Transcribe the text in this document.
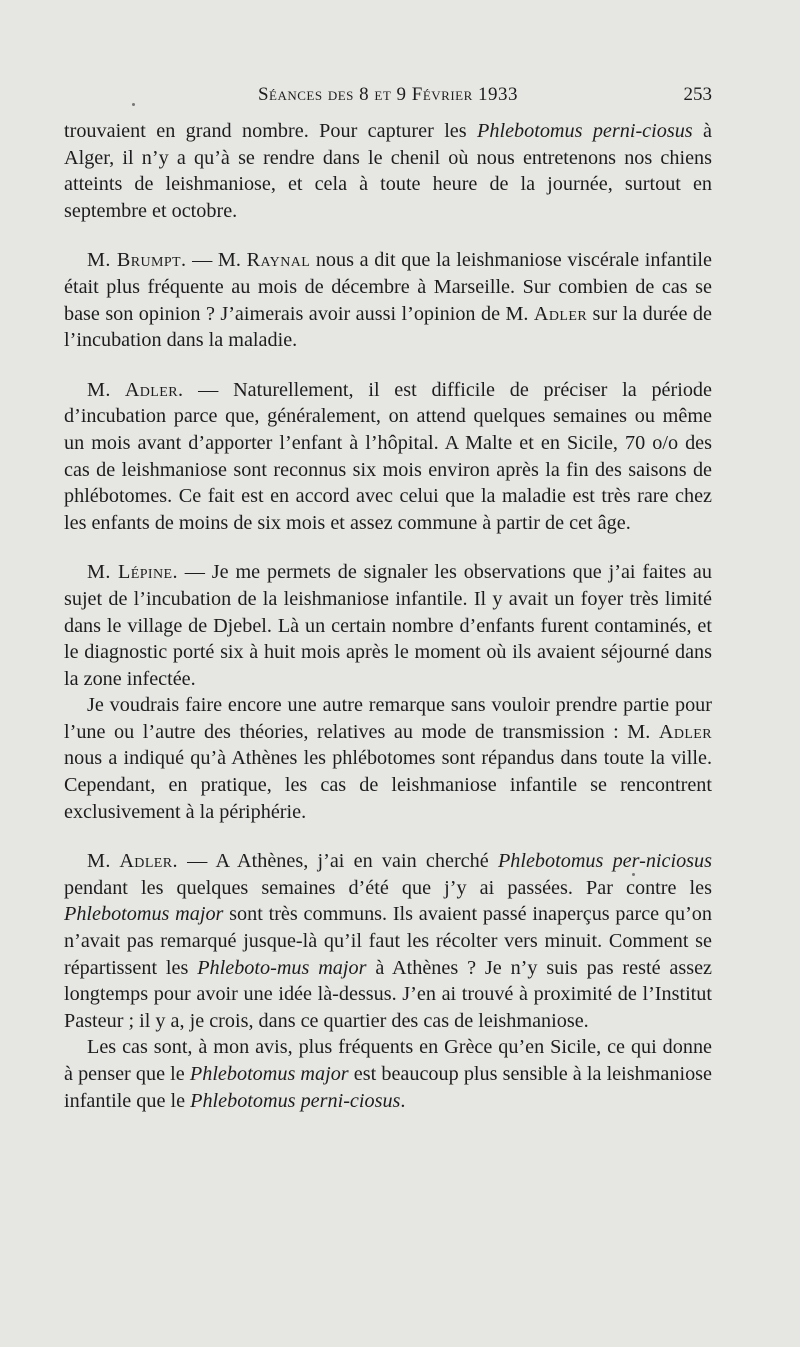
Séances des 8 et 9 Février 1933	253

trouvaient en grand nombre. Pour capturer les Phlebotomus perni-ciosus à Alger, il n’y a qu’à se rendre dans le chenil où nous entretenons nos chiens atteints de leishmaniose, et cela à toute heure de la journée, surtout en septembre et octobre.

M. Brumpt. — M. Raynal nous a dit que la leishmaniose viscérale infantile était plus fréquente au mois de décembre à Marseille. Sur combien de cas se base son opinion ? J’aimerais avoir aussi l’opinion de M. Adler sur la durée de l’incubation dans la maladie.

M. Adler. — Naturellement, il est difficile de préciser la période d’incubation parce que, généralement, on attend quelques semaines ou même un mois avant d’apporter l’enfant à l’hôpital. A Malte et en Sicile, 70 o/o des cas de leishmaniose sont reconnus six mois environ après la fin des saisons de phlébotomes. Ce fait est en accord avec celui que la maladie est très rare chez les enfants de moins de six mois et assez commune à partir de cet âge.

M. Lépine. — Je me permets de signaler les observations que j’ai faites au sujet de l’incubation de la leishmaniose infantile. Il y avait un foyer très limité dans le village de Djebel. Là un certain nombre d’enfants furent contaminés, et le diagnostic porté six à huit mois après le moment où ils avaient séjourné dans la zone infectée.

Je voudrais faire encore une autre remarque sans vouloir prendre partie pour l’une ou l’autre des théories, relatives au mode de transmission : M. Adler nous a indiqué qu’à Athènes les phlébotomes sont répandus dans toute la ville. Cependant, en pratique, les cas de leishmaniose infantile se rencontrent exclusivement à la périphérie.

M. Adler. — A Athènes, j’ai en vain cherché Phlebotomus per-niciosus pendant les quelques semaines d’été que j’y ai passées. Par contre les Phlebotomus major sont très communs. Ils avaient passé inaperçus parce qu’on n’avait pas remarqué jusque-là qu’il faut les récolter vers minuit. Comment se répartissent les Phleboto-mus major à Athènes ? Je n’y suis pas resté assez longtemps pour avoir une idée là-dessus. J’en ai trouvé à proximité de l’Institut Pasteur ; il y a, je crois, dans ce quartier des cas de leishmaniose.

Les cas sont, à mon avis, plus fréquents en Grèce qu’en Sicile, ce qui donne à penser que le Phlebotomus major est beaucoup plus sensible à la leishmaniose infantile que le Phlebotomus perni-ciosus.
